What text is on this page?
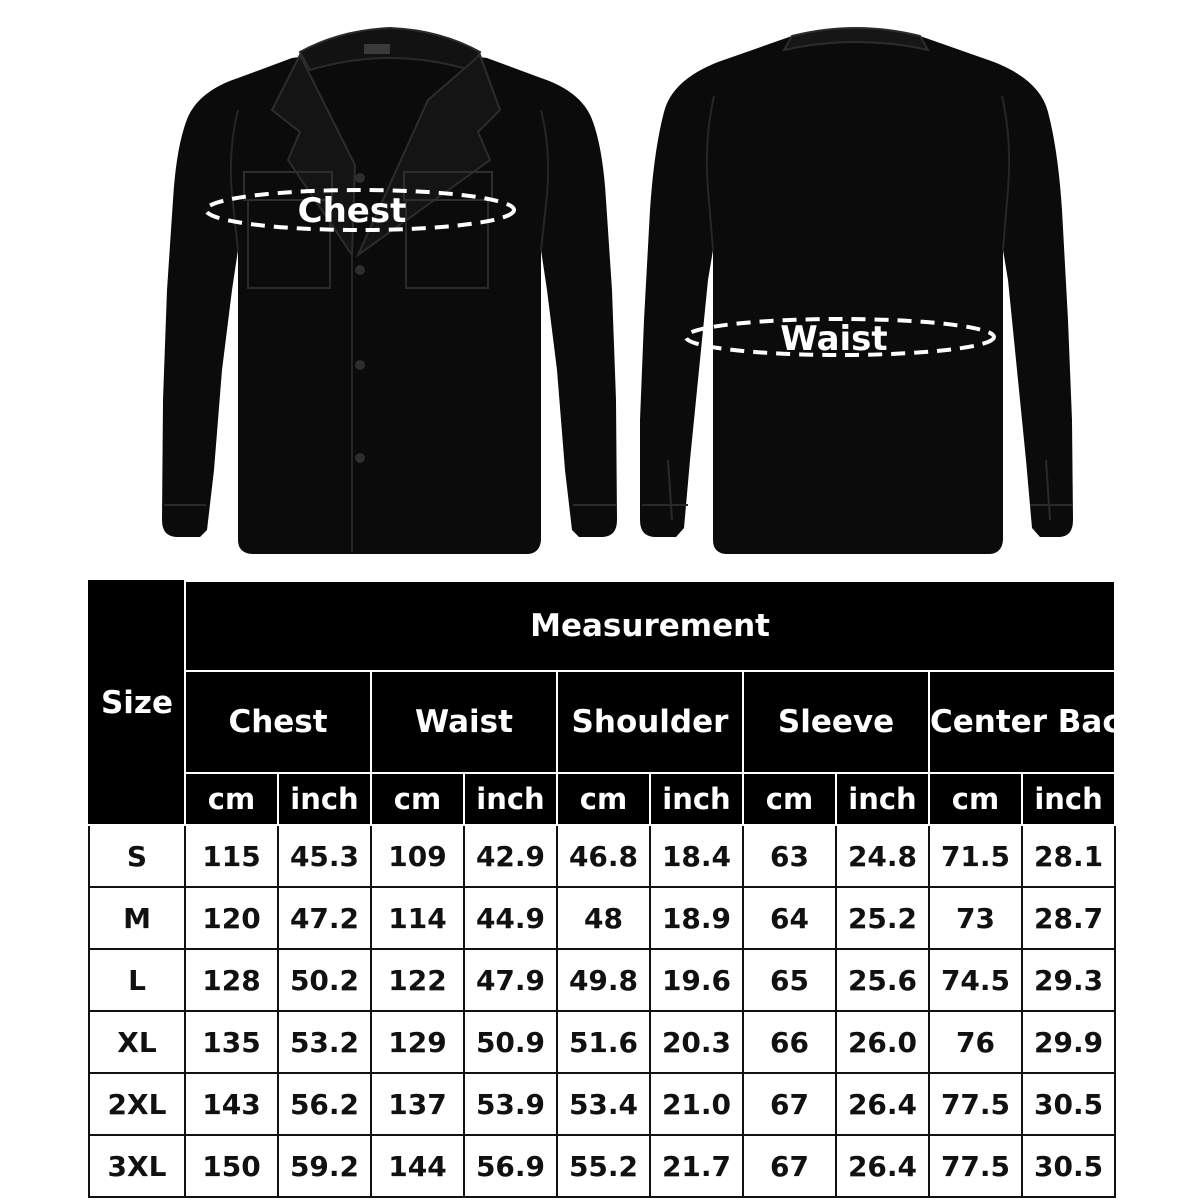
Chest
Waist
Size	Measurement									
	Chest		Waist		Shoulder		Sleeve		Center Back	
	cm	inch	cm	inch	cm	inch	cm	inch	cm	inch
S	115	45.3	109	42.9	46.8	18.4	63	24.8	71.5	28.1
M	120	47.2	114	44.9	48	18.9	64	25.2	73	28.7
L	128	50.2	122	47.9	49.8	19.6	65	25.6	74.5	29.3
XL	135	53.2	129	50.9	51.6	20.3	66	26.0	76	29.9
2XL	143	56.2	137	53.9	53.4	21.0	67	26.4	77.5	30.5
3XL	150	59.2	144	56.9	55.2	21.7	67	26.4	77.5	30.5
